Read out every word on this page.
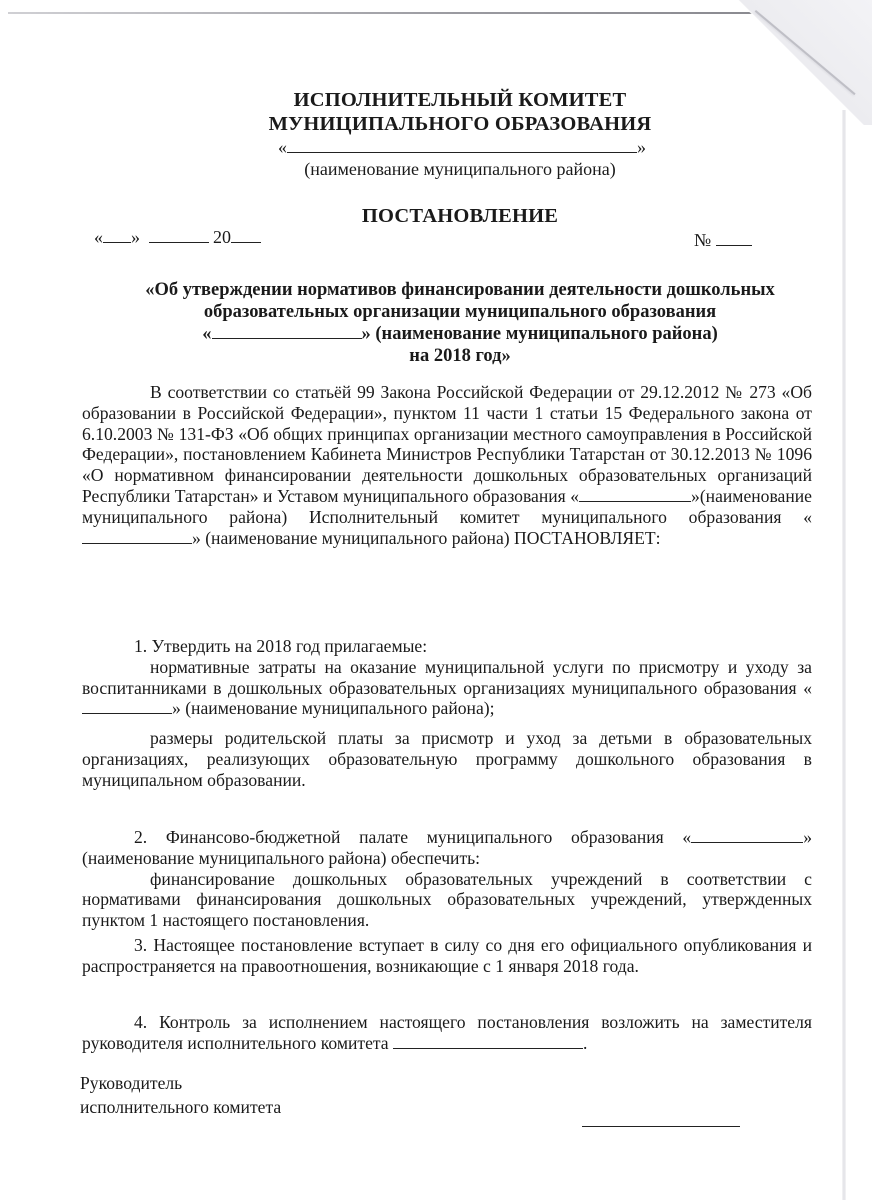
ИСПОЛНИТЕЛЬНЫЙ КОМИТЕТ
МУНИЦИПАЛЬНОГО ОБРАЗОВАНИЯ
«	»
(наименование муниципального района)
ПОСТАНОВЛЕНИЕ
« »	20	№
«Об утверждении нормативов финансировании деятельности дошкольных
образовательных организации муниципального образования
«	» (наименование муниципального района)
на 2018 год»

В соответствии со статьёй 99 Закона Российской Федерации от 29.12.2012 № 273 «Об образовании в Российской Федерации», пунктом 11 части 1 статьи 15 Федерального закона от 6.10.2003 № 131-ФЗ «Об общих принципах организации местного самоуправления в Российской Федерации», постановлением Кабинета Министров Республики Татарстан от 30.12.2013 № 1096 «О нормативном финансировании деятельности дошкольных образовательных организаций Республики Татарстан» и Уставом муниципального образования «	»(наименование муниципального района) Исполнительный комитет муниципального образования «» (наименование муниципального района) ПОСТАНОВЛЯЕТ:

1. Утвердить на 2018 год прилагаемые:

нормативные затраты на оказание муниципальной услуги по присмотру и уходу за воспитанниками в дошкольных образовательных организациях муниципального образования «» (наименование муниципального района);

размеры родительской платы за присмотр и уход за детьми в образовательных организациях, реализующих образовательную программу дошкольного образования в муниципальном образовании.

2. Финансово-бюджетной палате муниципального образования «	» (наименование муниципального района) обеспечить:

финансирование дошкольных образовательных учреждений в соответствии с нормативами финансирования дошкольных образовательных учреждений, утвержденных пунктом 1 настоящего постановления.

3. Настоящее постановление вступает в силу со дня его официального опубликования и распространяется на правоотношения, возникающие с 1 января 2018 года.

4. Контроль за исполнением настоящего постановления возложить на заместителя руководителя исполнительного комитета	.

Руководитель
исполнительного комитета
